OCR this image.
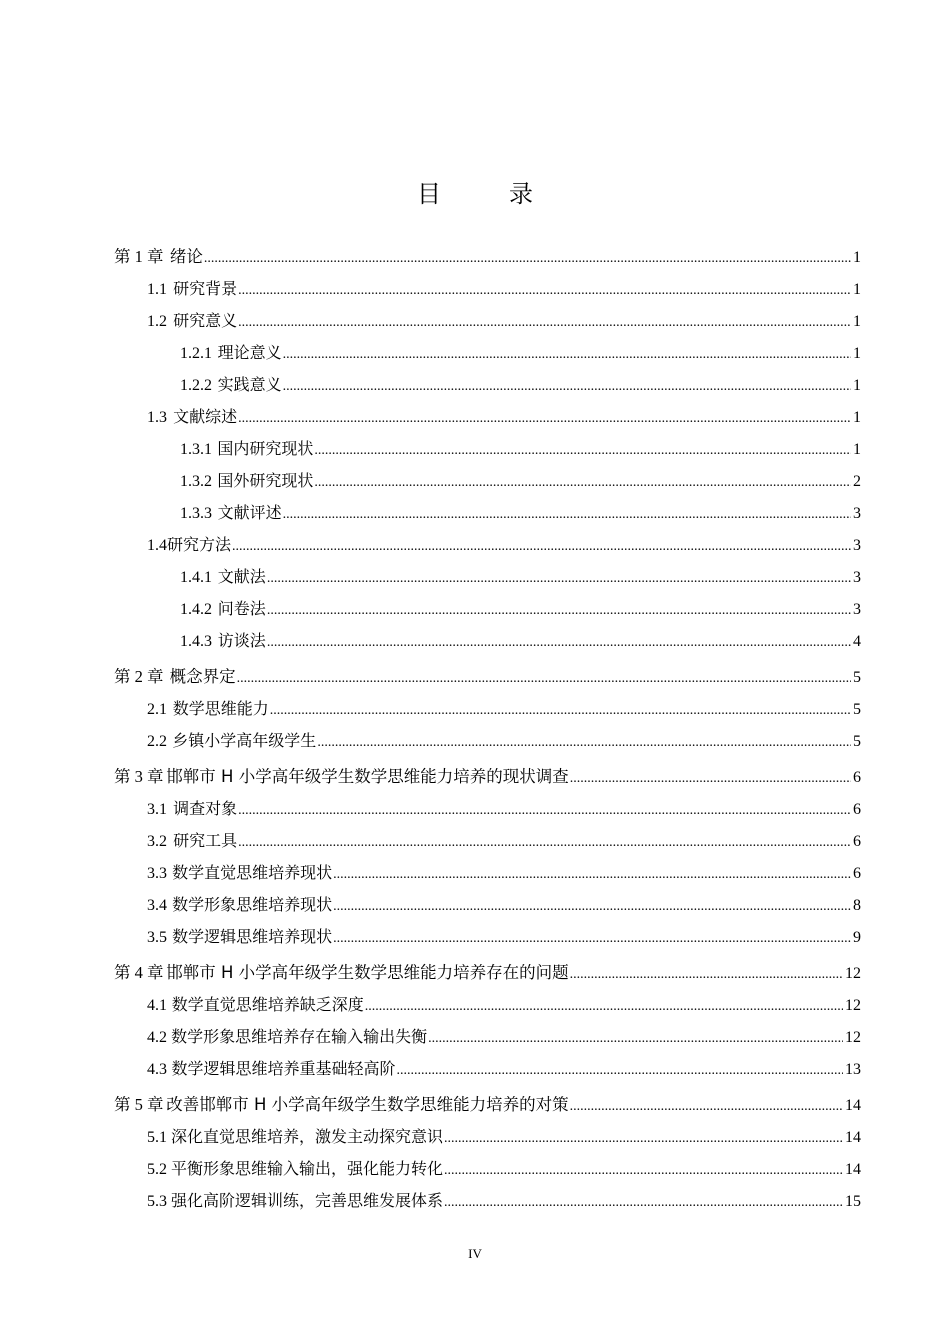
目　录
第 1 章 绪论 .....	1
1.1 研究背景 .....	1
1.2 研究意义 .....	1
1.2.1 理论意义 .....	1
1.2.2 实践意义 .....	1
1.3 文献综述 .....	1
1.3.1 国内研究现状 .....	1
1.3.2 国外研究现状 .....	2
1.3.3 文献评述 .....	3
1.4 研究方法 .....	3
1.4.1 文献法 .....	3
1.4.2 问卷法 .....	3
1.4.3 访谈法 .....	4
第 2 章 概念界定 .....	5
2.1 数学思维能力 .....	5
2.2 乡镇小学高年级学生 .....	5
第 3 章 邯郸市 H 小学高年级学生数学思维能力培养的现状调查 .....	6
3.1 调查对象 .....	6
3.2 研究工具 .....	6
3.3 数学直觉思维培养现状 .....	6
3.4 数学形象思维培养现状 .....	8
3.5 数学逻辑思维培养现状 .....	9
第 4 章 邯郸市 H 小学高年级学生数学思维能力培养存在的问题 .....	12
4.1 数学直觉思维培养缺乏深度 .....	12
4.2 数学形象思维培养存在输入输出失衡 .....	12
4.3 数学逻辑思维培养重基础轻高阶 .....	13
第 5 章 改善邯郸市 H 小学高年级学生数学思维能力培养的对策 .....	14
5.1 深化直觉思维培养，激发主动探究意识 .....	14
5.2 平衡形象思维输入输出，强化能力转化 .....	14
5.3 强化高阶逻辑训练，完善思维发展体系 .....	15
IV
